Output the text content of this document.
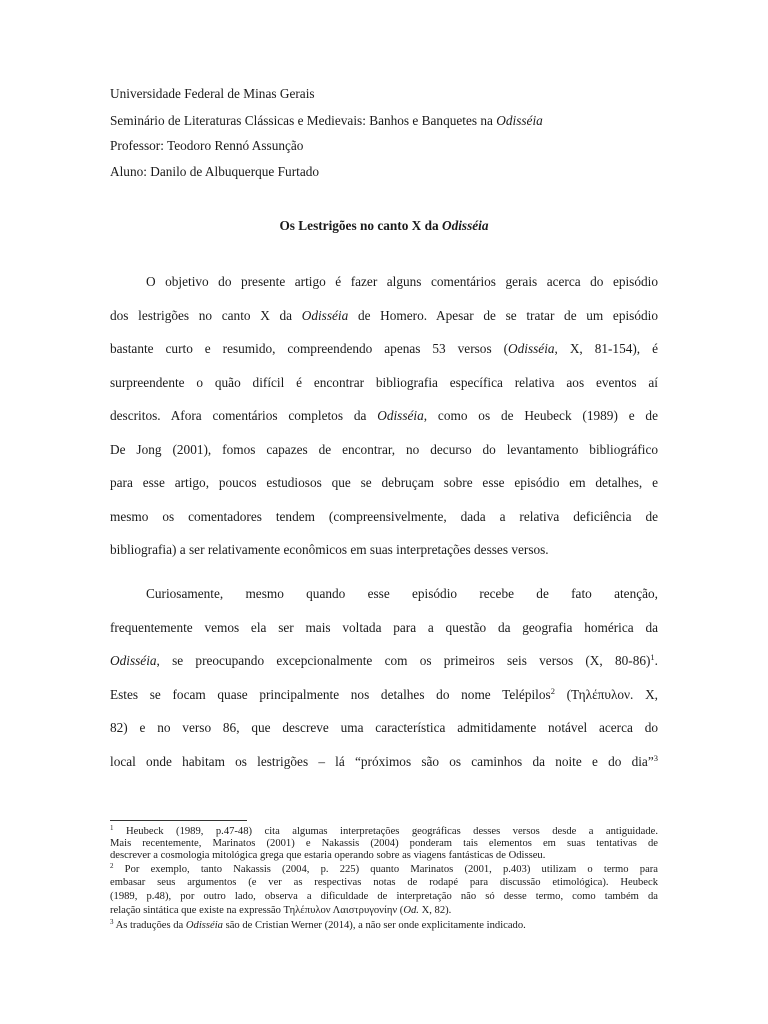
Universidade Federal de Minas Gerais
Seminário de Literaturas Clássicas e Medievais: Banhos e Banquetes na Odisséia
Professor: Teodoro Rennó Assunção
Aluno: Danilo de Albuquerque Furtado
Os Lestrigões no canto X da Odisséia
O objetivo do presente artigo é fazer alguns comentários gerais acerca do episódio
dos lestrigões no canto X da Odisséia de Homero. Apesar de se tratar de um episódio
bastante curto e resumido, compreendendo apenas 53 versos (Odisséia, X, 81-154), é
surpreendente o quão difícil é encontrar bibliografia específica relativa aos eventos aí
descritos. Afora comentários completos da Odisséia, como os de Heubeck (1989) e de
De Jong (2001), fomos capazes de encontrar, no decurso do levantamento bibliográfico
para esse artigo, poucos estudiosos que se debruçam sobre esse episódio em detalhes, e
mesmo os comentadores tendem (compreensivelmente, dada a relativa deficiência de
bibliografia) a ser relativamente econômicos em suas interpretações desses versos.
Curiosamente, mesmo quando esse episódio recebe de fato atenção,
frequentemente vemos ela ser mais voltada para a questão da geografia homérica da
Odisséia, se preocupando excepcionalmente com os primeiros seis versos (X, 80-86)$^1$.
Estes se focam quase principalmente nos detalhes do nome Telépilos$^2$ (Τηλέπυλον. X,
82) e no verso 86, que descreve uma característica admitidamente notável acerca do
local onde habitam os lestrigões – lá “próximos são os caminhos da noite e do dia”$^3$
$^1$ Heubeck (1989, p.47-48) cita algumas interpretações geográficas desses versos desde a antiguidade.
Mais recentemente, Marinatos (2001) e Nakassis (2004) ponderam tais elementos em suas tentativas de
descrever a cosmologia mitológica grega que estaria operando sobre as viagens fantásticas de Odisseu.
$^2$ Por exemplo, tanto Nakassis (2004, p. 225) quanto Marinatos (2001, p.403) utilizam o termo para
embasar seus argumentos (e ver as respectivas notas de rodapé para discussão etimológica). Heubeck
(1989, p.48), por outro lado, observa a dificuldade de interpretação não só desse termo, como também da
relação sintática que existe na expressão Τηλέπυλον Λαιστρυγονίην (Od. X, 82).
$^3$ As traduções da Odisséia são de Cristian Werner (2014), a não ser onde explicitamente indicado.
